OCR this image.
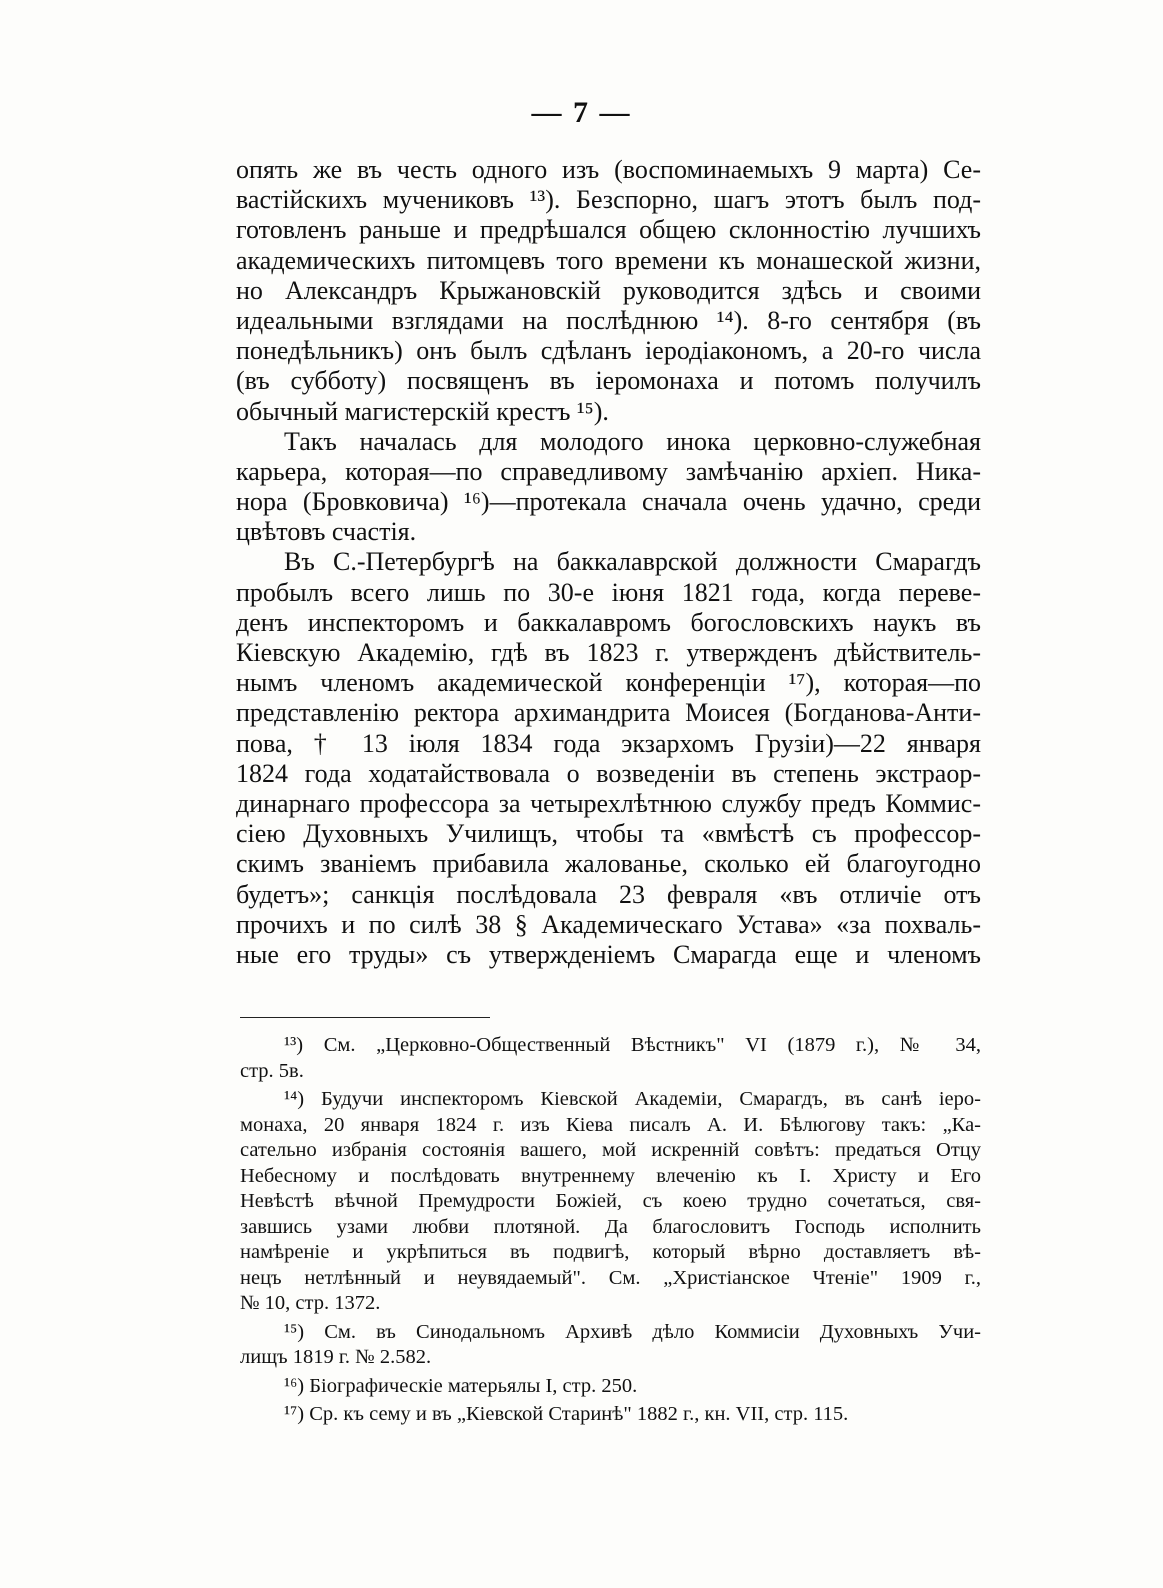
— 7 —
опять же въ честь одного изъ (воспоминаемыхъ 9 марта) Се-
вастійскихъ мучениковъ ¹³). Безспорно, шагъ этотъ былъ под-
готовленъ раньше и предрѣшался общею склонностію лучшихъ
академическихъ питомцевъ того времени къ монашеской жизни,
но Александръ Крыжановскій руководится здѣсь и своими
идеальными взглядами на послѣднюю ¹⁴). 8-го сентября (въ
понедѣльникъ) онъ былъ сдѣланъ іеродіакономъ, а 20-го числа
(въ субботу) посвященъ въ іеромонаха и потомъ получилъ
обычный магистерскій крестъ ¹⁵).
Такъ началась для молодого инока церковно-служебная
карьера, которая—по справедливому замѣчанію архіеп. Ника-
нора (Бровковича) ¹⁶)—протекала сначала очень удачно, среди
цвѣтовъ счастія.
Въ С.-Петербургѣ на баккалаврской должности Смарагдъ
пробылъ всего лишь по 30-е іюня 1821 года, когда переве-
денъ инспекторомъ и баккалавромъ богословскихъ наукъ въ
Кіевскую Академію, гдѣ въ 1823 г. утвержденъ дѣйствитель-
нымъ членомъ академической конференціи ¹⁷), которая—по
представленію ректора архимандрита Моисея (Богданова-Анти-
пова, † 13 іюля 1834 года экзархомъ Грузіи)—22 января
1824 года ходатайствовала о возведеніи въ степень экстраор-
динарнаго профессора за четырехлѣтнюю службу предъ Коммис-
сіею Духовныхъ Училищъ, чтобы та «вмѣстѣ съ профессор-
скимъ званіемъ прибавила жалованье, сколько ей благоугодно
будетъ»; санкція послѣдовала 23 февраля «въ отличіе отъ
прочихъ и по силѣ 38 § Академическаго Устава» «за похваль-
ные его труды» съ утвержденіемъ Смарагда еще и членомъ
¹³) См. „Церковно-Общественный Вѣстникъ" VI (1879 г.), № 34,
стр. 5в.
¹⁴) Будучи инспекторомъ Кіевской Академіи, Смарагдъ, въ санѣ іеро-
монаха, 20 января 1824 г. изъ Кіева писалъ А. И. Бѣлюгову такъ: „Ка-
сательно избранія состоянія вашего, мой искренній совѣтъ: предаться Отцу
Небесному и послѣдовать внутреннему влеченію къ І. Христу и Его
Невѣстѣ вѣчной Премудрости Божіей, съ коею трудно сочетаться, свя-
завшись узами любви плотяной. Да благословитъ Господь исполнить
намѣреніе и укрѣпиться въ подвигѣ, который вѣрно доставляетъ вѣ-
нецъ нетлѣнный и неувядаемый". См. „Христіанское Чтеніе" 1909 г.,
№ 10, стр. 1372.
¹⁵) См. въ Синодальномъ Архивѣ дѣло Коммисіи Духовныхъ Учи-
лищъ 1819 г. № 2.582.
¹⁶) Біографическіе матерьялы I, стр. 250.
¹⁷) Ср. къ сему и въ „Кіевской Старинѣ" 1882 г., кн. VII, стр. 115.
